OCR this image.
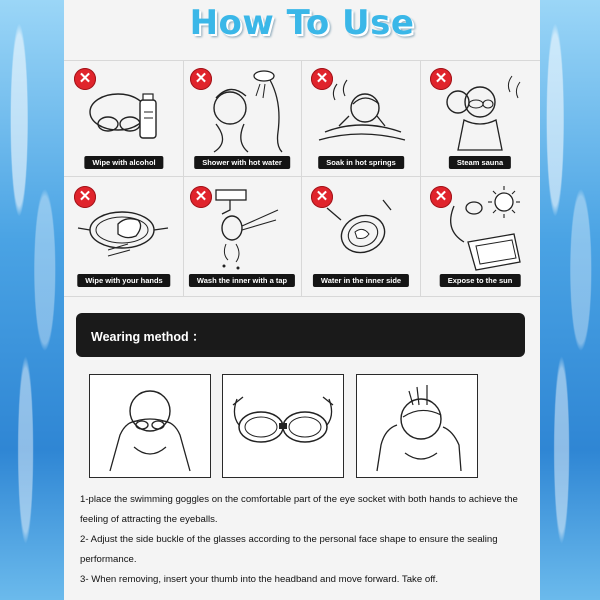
How To Use
✕
Wipe with alcohol
✕
Shower with hot water
✕
Soak in hot springs
✕
Steam sauna
✕
Wipe with your hands
✕
Wash the inner with a tap
✕
Water in the inner side
✕
Expose to the sun
Wearing method ：
1-place the swimming goggles on the comfortable part of the eye socket with both hands to achieve the feeling of attracting the eyeballs.
2- Adjust the side buckle of the glasses according to the personal face shape to ensure the sealing performance.
3- When removing, insert your thumb into the headband and move forward. Take off.
